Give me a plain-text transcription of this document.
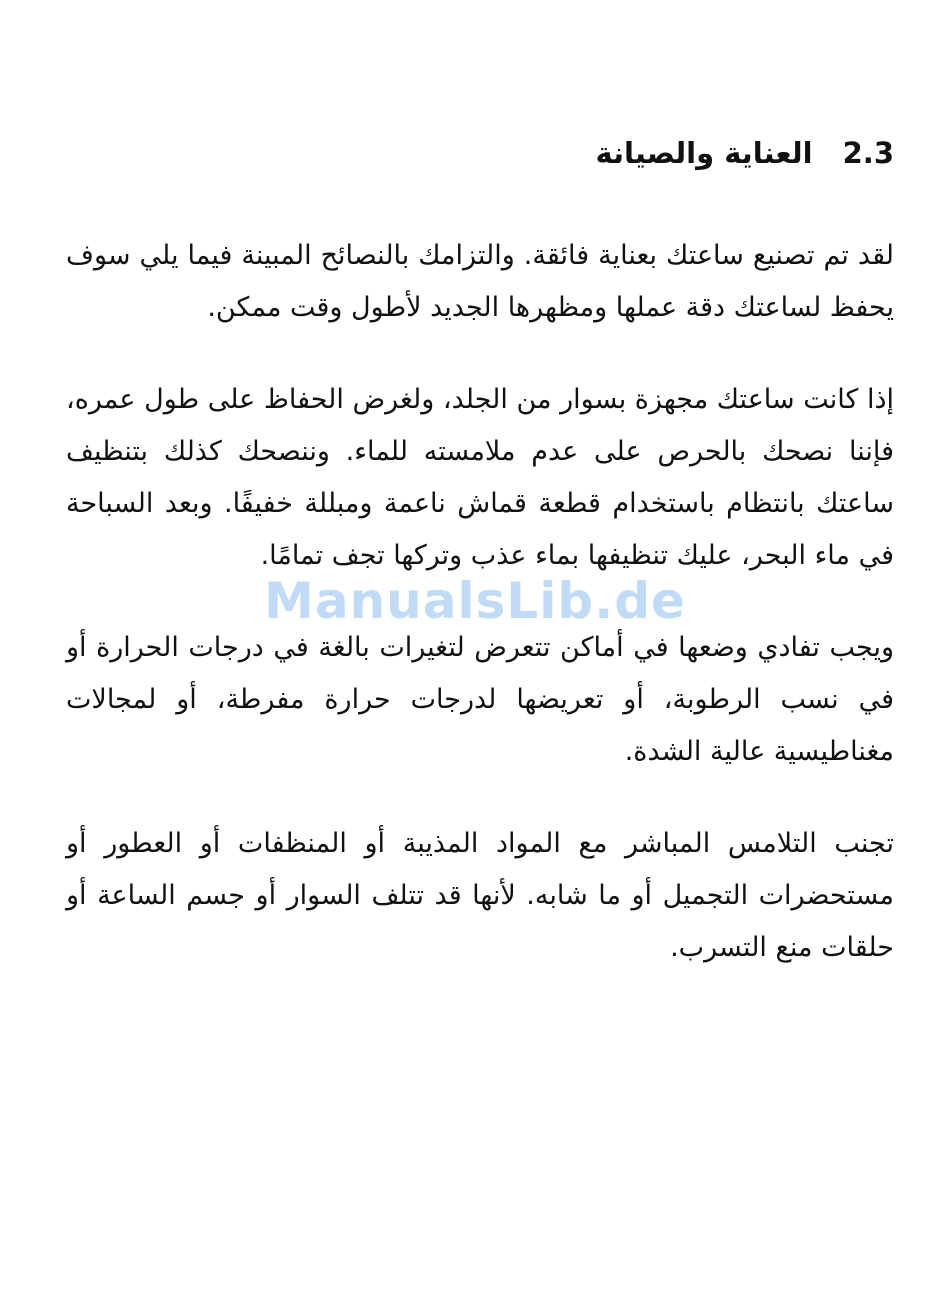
2.3
العناية والصيانة

لقد تم تصنيع ساعتك بعناية فائقة. والتزامك بالنصائح المبينة فيما يلي سوف يحفظ لساعتك دقة عملها ومظهرها الجديد لأطول وقت ممكن.

إذا كانت ساعتك مجهزة بسوار من الجلد، ولغرض الحفاظ على طول عمره، فإننا نصحك بالحرص على عدم ملامسته للماء. وننصحك كذلك بتنظيف ساعتك بانتظام باستخدام قطعة قماش ناعمة ومبللة خفيفًا. وبعد السباحة في ماء البحر، عليك تنظيفها بماء عذب وتركها تجف تمامًا.

ويجب تفادي وضعها في أماكن تتعرض لتغيرات بالغة في درجات الحرارة أو في نسب الرطوبة، أو تعريضها لدرجات حرارة مفرطة، أو لمجالات مغناطيسية عالية الشدة.

تجنب التلامس المباشر مع المواد المذيبة أو المنظفات أو العطور أو مستحضرات التجميل أو ما شابه. لأنها قد تتلف السوار أو جسم الساعة أو حلقات منع التسرب.

ManualsLib.de
